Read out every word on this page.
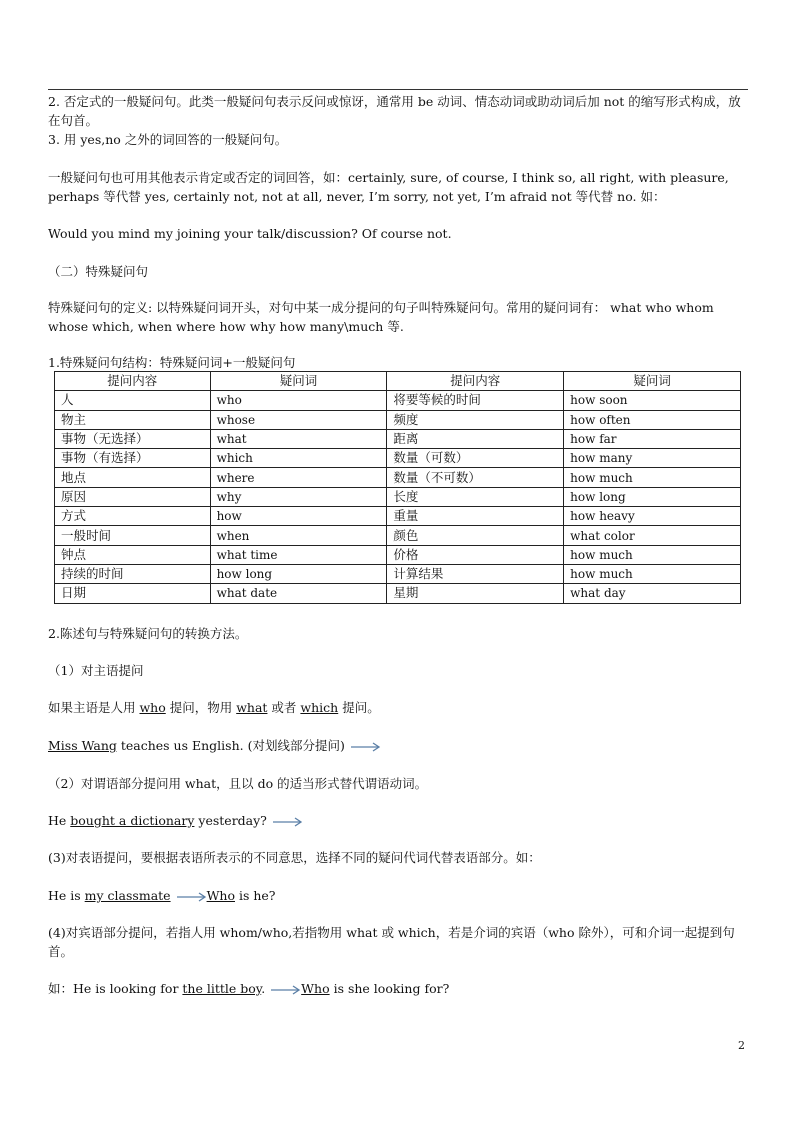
2. 否定式的一般疑问句。此类一般疑问句表示反问或惊讶，通常用 be 动词、情态动词或助动词后加 not 的缩写形式构成，放在句首。
3. 用 yes,no 之外的词回答的一般疑问句。
一般疑问句也可用其他表示肯定或否定的词回答，如：certainly, sure, of course, I think so, all right, with pleasure, perhaps 等代替 yes, certainly not, not at all, never, I’m sorry, not yet, I’m afraid not 等代替 no. 如：
Would you mind my joining your talk/discussion? Of course not.
（二）特殊疑问句
特殊疑问句的定义: 以特殊疑问词开头，对句中某一成分提问的句子叫特殊疑问句。常用的疑问词有： what who whom whose which, when where how why how many\much 等.
1.特殊疑问句结构：特殊疑问词+一般疑问句
提问内容	疑问词	提问内容	疑问词
人	who	将要等候的时间	how soon
物主	whose	频度	how often
事物（无选择）	what	距离	how far
事物（有选择）	which	数量（可数）	how many
地点	where	数量（不可数）	how much
原因	why	长度	how long
方式	how	重量	how heavy
一般时间	when	颜色	what color
钟点	what time	价格	how much
持续的时间	how long	计算结果	how much
日期	what date	星期	what day
2.陈述句与特殊疑问句的转换方法。
（1）对主语提问
如果主语是人用 who 提问，物用 what 或者 which 提问。
Miss Wang teaches us English. (对划线部分提问)
（2）对谓语部分提问用 what，且以 do 的适当形式替代谓语动词。
He bought a dictionary yesterday?
(3)对表语提问，要根据表语所表示的不同意思，选择不同的疑问代词代替表语部分。如：
He is my classmate	Who is he?
(4)对宾语部分提问，若指人用 whom/who,若指物用 what 或 which，若是介词的宾语（who 除外），可和介词一起提到句首。
如：He is looking for the little boy.	Who is she looking for?
2
